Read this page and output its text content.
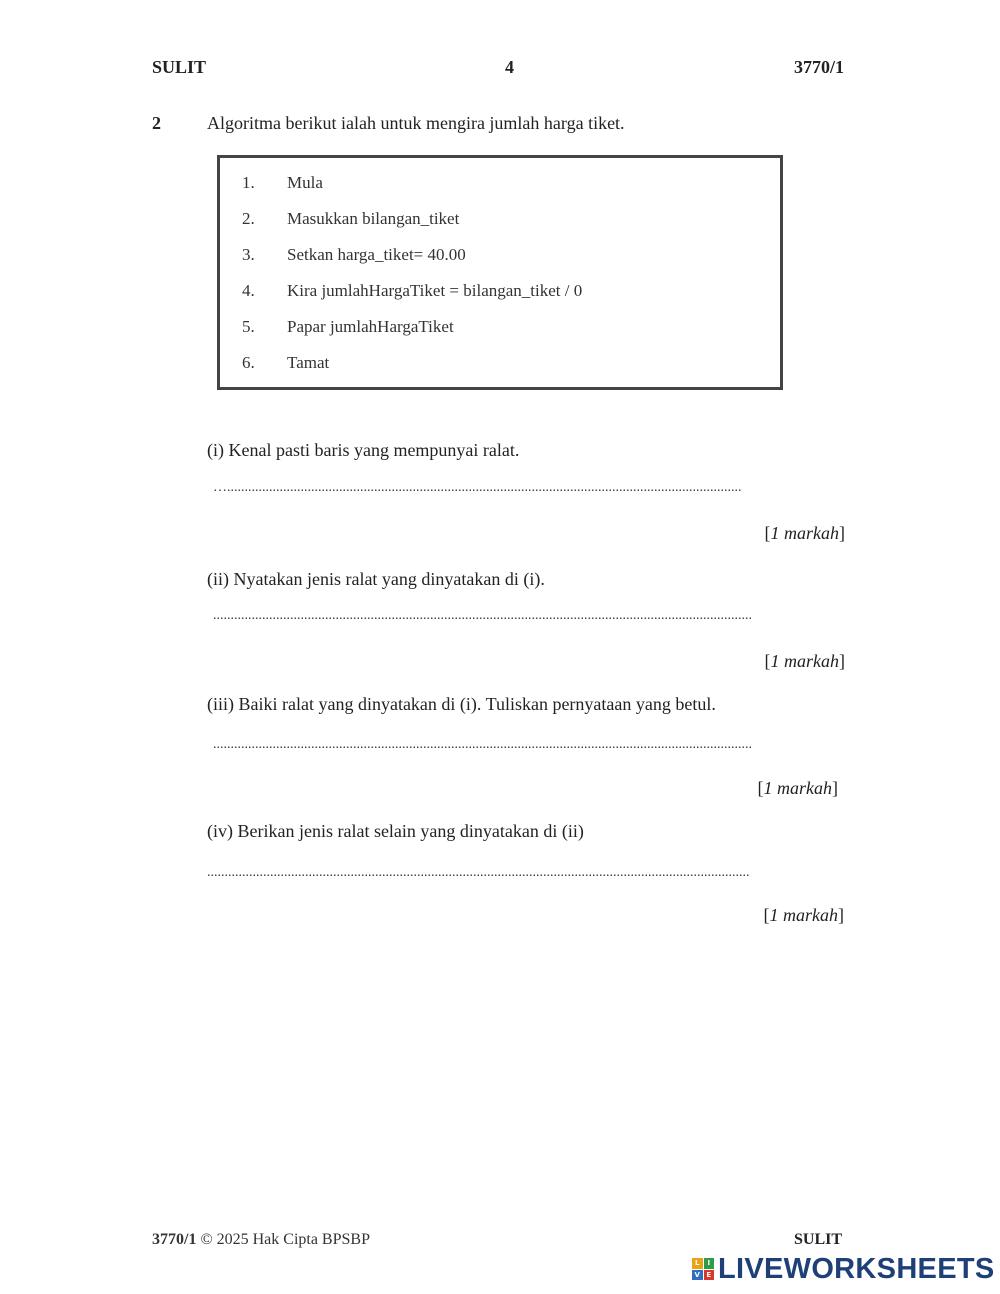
SULIT	4	3770/1
2	Algoritma berikut ialah untuk mengira jumlah harga tiket.
1.	Mula
2.	Masukkan bilangan_tiket
3.	Setkan harga_tiket= 40.00
4.	Kira jumlahHargaTiket = bilangan_tiket / 0
5.	Papar jumlahHargaTiket
6.	Tamat
(i) Kenal pasti baris yang mempunyai ralat.
…...................................................................................................................................................
[1 markah]
(ii) Nyatakan jenis ralat yang dinyatakan di (i).
..........................................................................................................................................................
[1 markah]
(iii) Baiki ralat yang dinyatakan di (i). Tuliskan pernyataan yang betul.
..........................................................................................................................................................
[1 markah]
(iv) Berikan jenis ralat selain yang dinyatakan di (ii)
...........................................................................................................................................................
[1 markah]
3770/1 © 2025 Hak Cipta BPSBP	SULIT
L	I
V E LIVEWORKSHEETS
